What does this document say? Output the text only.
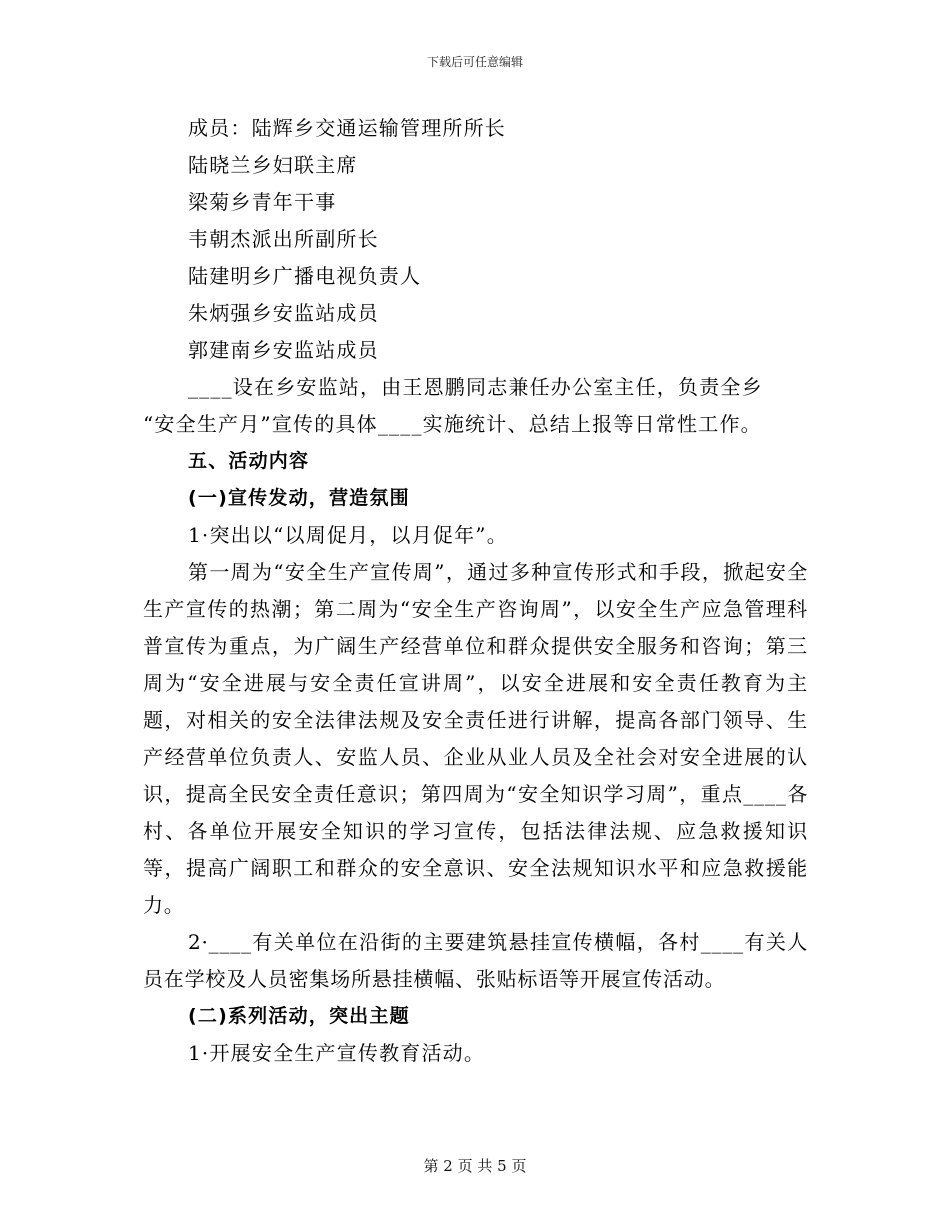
下载后可任意编辑
成员：陆辉乡交通运输管理所所长
陆晓兰乡妇联主席
梁菊乡青年干事
韦朝杰派出所副所长
陆建明乡广播电视负责人
朱炳强乡安监站成员
郭建南乡安监站成员
____设在乡安监站，由王恩鹏同志兼任办公室主任，负责全乡
“安全生产月”宣传的具体____实施统计、总结上报等日常性工作。
五、活动内容
(一)宣传发动，营造氛围
1·突出以“以周促月，以月促年”。
第一周为“安全生产宣传周”，通过多种宣传形式和手段，掀起安全生产宣传的热潮；第二周为“安全生产咨询周”，以安全生产应急管理科普宣传为重点，为广阔生产经营单位和群众提供安全服务和咨询；第三周为“安全进展与安全责任宣讲周”，以安全进展和安全责任教育为主题，对相关的安全法律法规及安全责任进行讲解，提高各部门领导、生产经营单位负责人、安监人员、企业从业人员及全社会对安全进展的认识，提高全民安全责任意识；第四周为“安全知识学习周”，重点____各村、各单位开展安全知识的学习宣传，包括法律法规、应急救援知识等，提高广阔职工和群众的安全意识、安全法规知识水平和应急救援能力。
2·____有关单位在沿街的主要建筑悬挂宣传横幅，各村____有关人员在学校及人员密集场所悬挂横幅、张贴标语等开展宣传活动。
(二)系列活动，突出主题
1·开展安全生产宣传教育活动。
第 2 页 共 5 页
